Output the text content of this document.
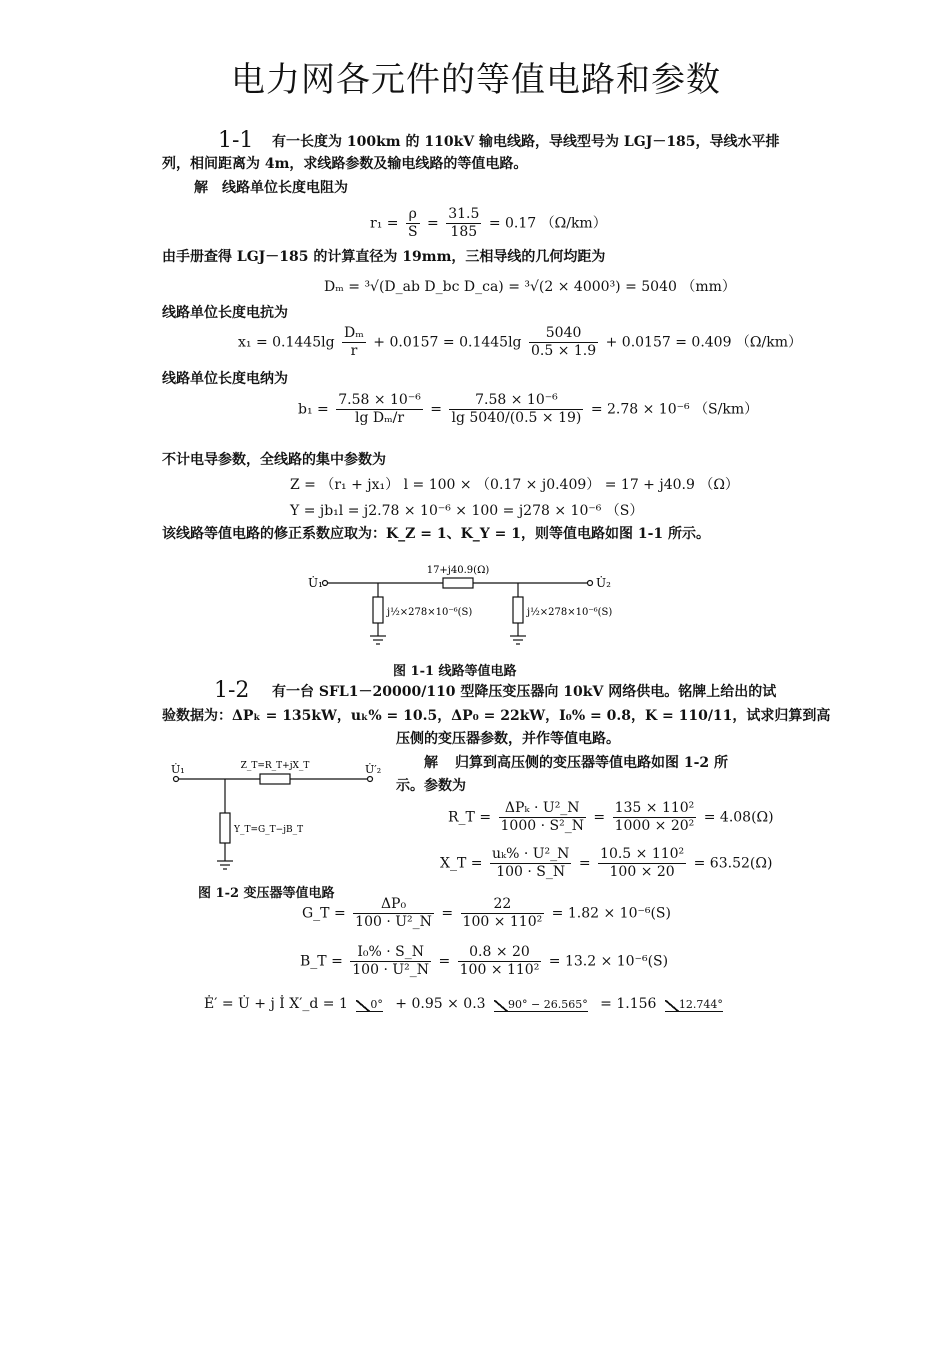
电力网各元件的等值电路和参数
1-1 有一长度为 100km 的 110kV 输电线路，导线型号为 LGJ－185，导线水平排
列，相间距离为 4m，求线路参数及输电线路的等值电路。
解 线路单位长度电阻为
$r_1 = \frac{\rho}{S} = \frac{31.5}{185} = 0.17$ （Ω/km）
由手册查得 LGJ－185 的计算直径为 19mm，三相导线的几何均距为
Dₘ = ³√(D_ab D_bc D_ca) = ³√(2 × 4000³) = 5040 （mm）
线路单位长度电抗为
$x_1 = 0.1445\lg \frac{\text{Dₘ}}{r} + 0.0157 = 0.1445\lg \frac{5040}{0.5 \times 1.9} + 0.0157 = 0.409$ （Ω/km）
线路单位长度电纳为
$b_1 = \frac{\text{7.58 × 10⁻⁶}}{\text{lg Dₘ/r}} = \frac{\text{7.58 × 10⁻⁶}}{\lg 5040/(0.5 \times 19)} = 2.78 \times 10^{-6}$ （S/km）
不计电导参数，全线路的集中参数为
Z = （r₁ + jx₁） l = 100 × （0.17 × j0.409） = 17 + j40.9 （Ω）
Y = jb₁l = j2.78 × 10⁻⁶ × 100 = j278 × 10⁻⁶ （S）
该线路等值电路的修正系数应取为：K_Z = 1、K_Y = 1，则等值电路如图 1-1 所示。
U̇₁
17+j40.9(Ω)
U̇₂
j½×278×10⁻⁶(S)	j½×278×10⁻⁶(S)
图 1-1 线路等值电路
1-2 有一台 SFL1－20000/110 型降压变压器向 10kV 网络供电。铭牌上给出的试
验数据为：ΔPₖ = 135kW，uₖ% = 10.5，ΔP₀ = 22kW，I₀% = 0.8，K = 110/11，试求归算到高
压侧的变压器参数，并作等值电路。
U̇₁	Z_T=R_T+jX_T	U̇′₂
Y_T=G_T−jB_T
图 1-2 变压器等值电路
解 归算到高压侧的变压器等值电路如图 1-2 所
示。参数为
R_T = $\frac{\text{ΔPₖ · U²\_N}}{\text{1000 · S²\_N}} = \frac{\text{135 × 110²}}{\text{1000 × 20²}} = 4.08(\Omega)$
X_T = $\frac{\text{uₖ\% · U²\_N}}{100 \cdot S\_N} = \frac{\text{10.5 × 110²}}{100 \times 20} = 63.52(\Omega)$
G_T = $\frac{\text{ΔP₀}}{\text{100 · U²\_N}} = \frac{22}{\text{100 × 110²}} = 1.82 \times 10^{-6}(S)$
B_T = $\frac{\text{I₀\% · S\_N}}{\text{100 · U²\_N}} = \frac{0.8 \times 20}{\text{100 × 110²}} = 13.2 \times 10^{-6}(S)$
Ė′ = U̇ + j İ X′_d = 1 0° + 0.95 × 0.3 90° − 26.565° = 1.156 12.744°
